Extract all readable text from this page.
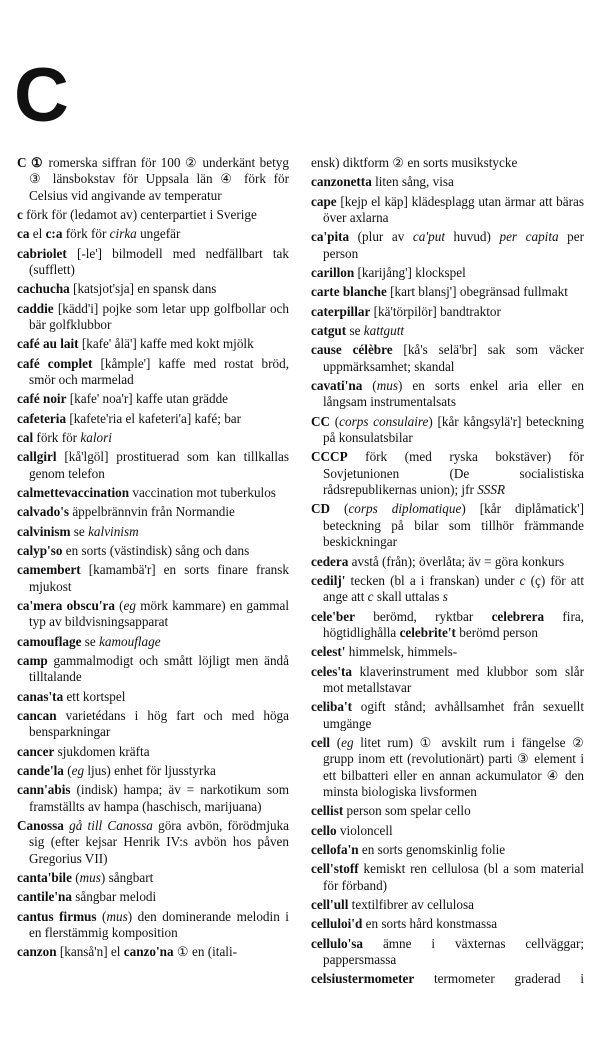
C

C ① romerska siffran för 100 ② underkänt betyg ③ länsbokstav för Uppsala län ④ förk för Celsius vid angivande av temperatur

c förk för (ledamot av) centerpartiet i Sverige

ca el c:a förk för cirka ungefär

cabriolet [-le'] bilmodell med nedfällbart tak (sufflett)

cachucha [katsjot'sja] en spansk dans

caddie [kädd'i] pojke som letar upp golfbollar och bär golfklubbor

café au lait [kafe' ålä'] kaffe med kokt mjölk

café complet [kåmple'] kaffe med rostat bröd, smör och marmelad

café noir [kafe' noa'r] kaffe utan grädde

cafeteria [kafete'ria el kafeteri'a] kafé; bar

cal förk för kalori

callgirl [kå'lgöl] prostituerad som kan tillkallas genom telefon

calmettevaccination vaccination mot tuberkulos

calvado's äppelbrännvin från Normandie

calvinism se kalvinism

calyp'so en sorts (västindisk) sång och dans

camembert [kamambä'r] en sorts finare fransk mjukost

ca'mera obscu'ra (eg mörk kammare) en gammal typ av bildvisningsapparat

camouflage se kamouflage

camp gammalmodigt och smått löjligt men ändå tilltalande

canas'ta ett kortspel

cancan varietédans i hög fart och med höga bensparkningar

cancer sjukdomen kräfta

cande'la (eg ljus) enhet för ljusstyrka

cann'abis (indisk) hampa; äv = narkotikum som framställts av hampa (haschisch, marijuana)

Canossa gå till Canossa göra avbön, förödmjuka sig (efter kejsar Henrik IV:s avbön hos påven Gregorius VII)

canta'bile (mus) sångbart

cantile'na sångbar melodi

cantus firmus (mus) den dominerande melodin i en flerstämmig komposition

canzon [kanså'n] el canzo'na ① en (itali-

ensk) diktform ② en sorts musikstycke

canzonetta liten sång, visa

cape [kejp el käp] klädesplagg utan ärmar att bäras över axlarna

ca'pita (plur av ca'put huvud) per capita per person

carillon [karijång'] klockspel

carte blanche [kart blansj'] obegränsad fullmakt

caterpillar [kä'törpilör] bandtraktor

catgut se kattgutt

cause célèbre [kå's selä'br] sak som väcker uppmärksamhet; skandal

cavati'na (mus) en sorts enkel aria eller en långsam instrumentalsats

CC (corps consulaire) [kår kångsylä'r] beteckning på konsulatsbilar

CCCP förk (med ryska bokstäver) för Sovjetunionen (De socialistiska rådsrepublikernas union); jfr SSSR

CD (corps diplomatique) [kår diplåmatick'] beteckning på bilar som tillhör främmande beskickningar

cedera avstå (från); överlåta; äv = göra konkurs

cedilj' tecken (bl a i franskan) under c (ç) för att ange att c skall uttalas s

cele'ber berömd, ryktbar celebrera fira, högtidlighålla celebrite't berömd person

celest' himmelsk, himmels-

celes'ta klaverinstrument med klubbor som slår mot metallstavar

celiba't ogift stånd; avhållsamhet från sexuellt umgänge

cell (eg litet rum) ① avskilt rum i fängelse ② grupp inom ett (revolutionärt) parti ③ element i ett bilbatteri eller en annan ackumulator ④ den minsta biologiska livsformen

cellist person som spelar cello

cello violoncell

cellofa'n en sorts genomskinlig folie

cell'stoff kemiskt ren cellulosa (bl a som material för förband)

cell'ull textilfibrer av cellulosa

celluloi'd en sorts hård konstmassa

cellulo'sa ämne i växternas cellväggar; pappersmassa

celsiustermometer termometer graderad i
